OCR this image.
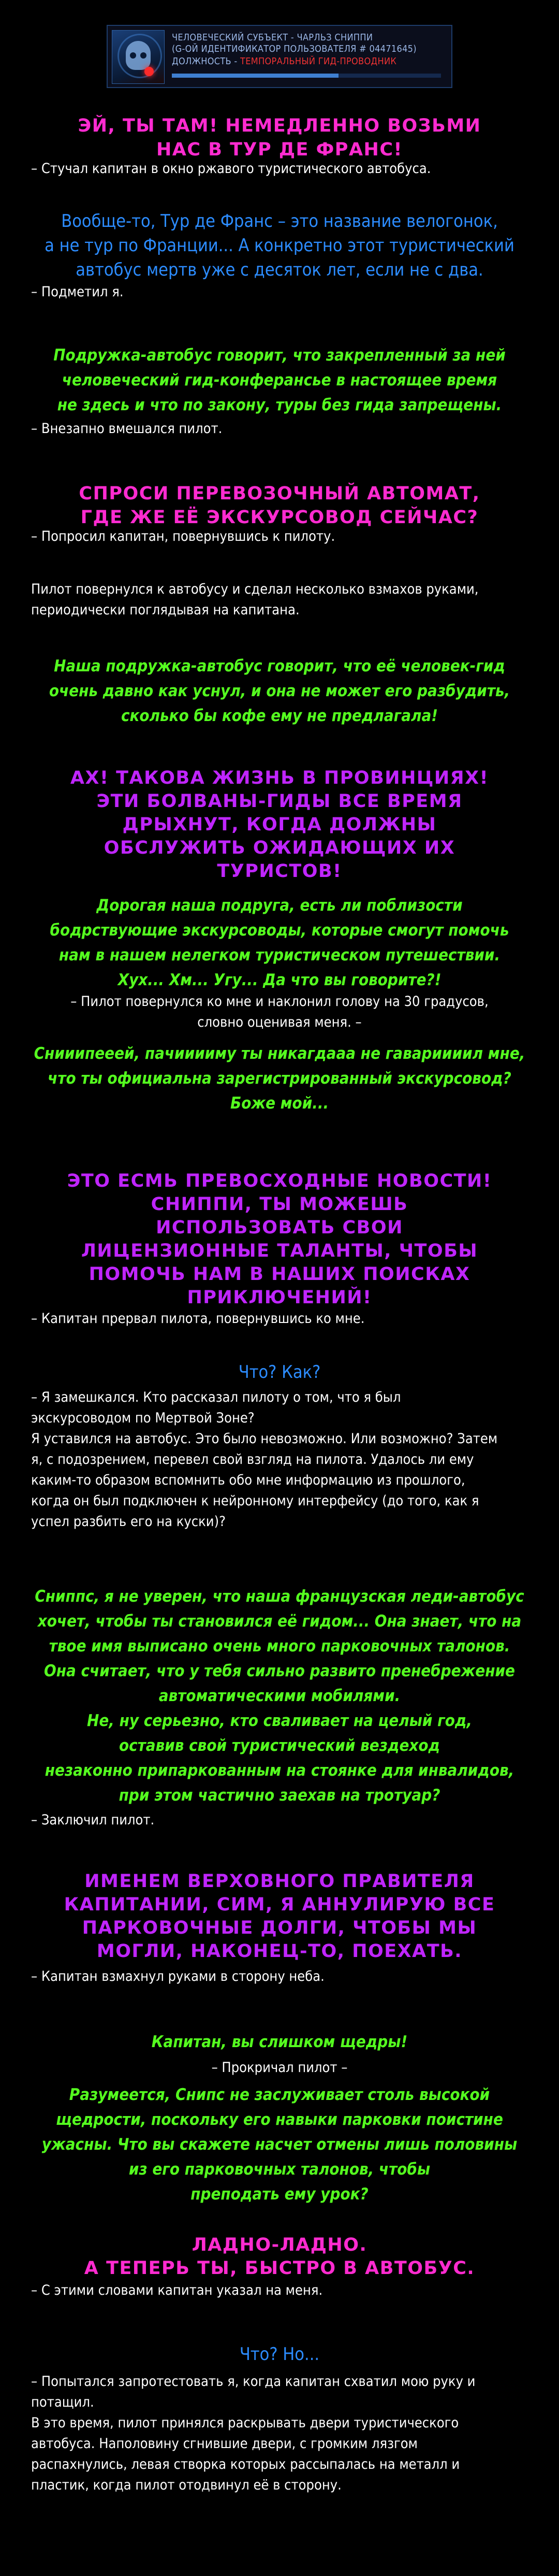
ЧЕЛОВЕЧЕСКИЙ СУБЪЕКТ - ЧАРЛЬЗ СНИППИ
(G-ОЙ ИДЕНТИФИКАТОР ПОЛЬЗОВАТЕЛЯ # 04471645)
ДОЛЖНОСТЬ - ТЕМПОРАЛЬНЫЙ ГИД-ПРОВОДНИК
ЭЙ, ТЫ ТАМ! НЕМЕДЛЕННО ВОЗЬМИ
НАС В ТУР ДЕ ФРАНС!
– Стучал капитан в окно ржавого туристического автобуса.
Вообще-то, Тур де Франс – это название велогонок,
а не тур по Франции... А конкретно этот туристический
автобус мертв уже с десяток лет, если не с два.
– Подметил я.
Подружка-автобус говорит, что закрепленный за ней
человеческий гид-конферансье в настоящее время
не здесь и что по закону, туры без гида запрещены.
– Внезапно вмешался пилот.
СПРОСИ ПЕРЕВОЗОЧНЫЙ АВТОМАТ,
ГДЕ ЖЕ ЕЁ ЭКСКУРСОВОД СЕЙЧАС?
– Попросил капитан, повернувшись к пилоту.
Пилот повернулся к автобусу и сделал несколько взмахов руками,
периодически поглядывая на капитана.
Наша подружка-автобус говорит, что её человек-гид
очень давно как уснул, и она не может его разбудить,
сколько бы кофе ему не предлагала!
АХ! ТАКОВА ЖИЗНЬ В ПРОВИНЦИЯХ!
ЭТИ БОЛВАНЫ-ГИДЫ ВСЕ ВРЕМЯ
ДРЫХНУТ, КОГДА ДОЛЖНЫ
ОБСЛУЖИТЬ ОЖИДАЮЩИХ ИХ
ТУРИСТОВ!
Дорогая наша подруга, есть ли поблизости
бодрствующие экскурсоводы, которые смогут помочь
нам в нашем нелегком туристическом путешествии.
Хух... Хм... Угу... Да что вы говорите?!
– Пилот повернулся ко мне и наклонил голову на 30 градусов,
словно оценивая меня. –
Снииипееей, пачииииму ты никагдааа не гавариииил мне,
что ты официальна зарегистрированный экскурсовод?
Боже мой...
ЭТО ЕСМЬ ПРЕВОСХОДНЫЕ НОВОСТИ!
СНИППИ, ТЫ МОЖЕШЬ
ИСПОЛЬЗОВАТЬ СВОИ
ЛИЦЕНЗИОННЫЕ ТАЛАНТЫ, ЧТОБЫ
ПОМОЧЬ НАМ В НАШИХ ПОИСКАХ
ПРИКЛЮЧЕНИЙ!
– Капитан прервал пилота, повернувшись ко мне.
Что? Как?
– Я замешкался. Кто рассказал пилоту о том, что я был
экскурсоводом по Мертвой Зоне?
Я уставился на автобус. Это было невозможно. Или возможно? Затем
я, с подозрением, перевел свой взгляд на пилота. Удалось ли ему
каким-то образом вспомнить обо мне информацию из прошлого,
когда он был подключен к нейронному интерфейсу (до того, как я
успел разбить его на куски)?
Сниппс, я не уверен, что наша французская леди-автобус
хочет, чтобы ты становился её гидом... Она знает, что на
твое имя выписано очень много парковочных талонов.
Она считает, что у тебя сильно развито пренебрежение
автоматическими мобилями.
Не, ну серьезно, кто сваливает на целый год,
оставив свой туристический вездеход
незаконно припаркованным на стоянке для инвалидов,
при этом частично заехав на тротуар?
– Заключил пилот.
ИМЕНЕМ ВЕРХОВНОГО ПРАВИТЕЛЯ
КАПИТАНИИ, СИМ, Я АННУЛИРУЮ ВСЕ
ПАРКОВОЧНЫЕ ДОЛГИ, ЧТОБЫ МЫ
МОГЛИ, НАКОНЕЦ-ТО, ПОЕХАТЬ.
– Капитан взмахнул руками в сторону неба.
Капитан, вы слишком щедры!
– Прокричал пилот –
Разумеется, Снипс не заслуживает столь высокой
щедрости, поскольку его навыки парковки поистине
ужасны. Что вы скажете насчет отмены лишь половины
из его парковочных талонов, чтобы
преподать ему урок?
ЛАДНО-ЛАДНО.
А ТЕПЕРЬ ТЫ, БЫСТРО В АВТОБУС.
– С этими словами капитан указал на меня.
Что? Но...
– Попытался запротестовать я, когда капитан схватил мою руку и
потащил.
В это время, пилот принялся раскрывать двери туристического
автобуса. Наполовину сгнившие двери, с громким лязгом
распахнулись, левая створка которых рассыпалась на металл и
пластик, когда пилот отодвинул её в сторону.
